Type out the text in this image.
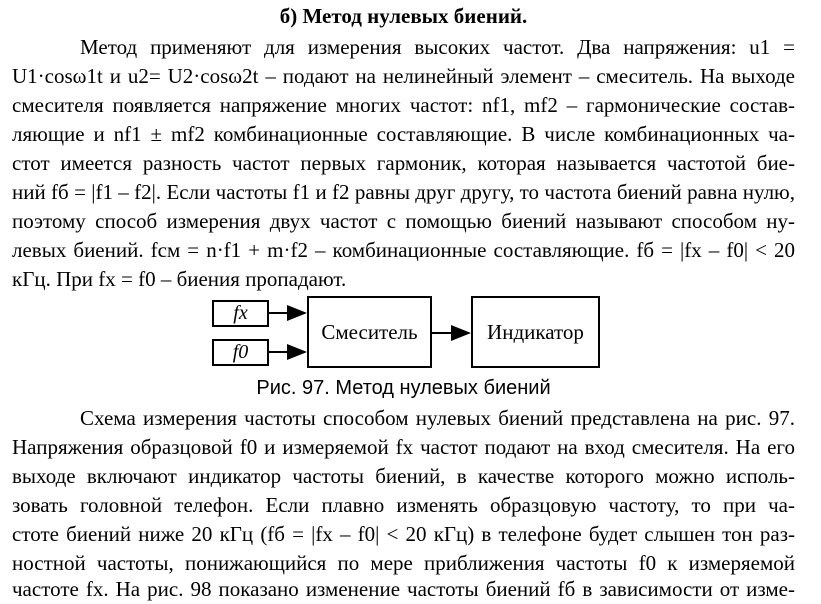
б) Метод нулевых биений.
Метод применяют для измерения высоких частот. Два напряжения: u1 =
U1·cosω1t и u2= U2·cosω2t – подают на нелинейный элемент – смеситель. На выходе
смесителя появляется напряжение многих частот: nf1, mf2 – гармонические состав-
ляющие и nf1 ± mf2 комбинационные составляющие. В числе комбинационных ча-
стот имеется разность частот первых гармоник, которая называется частотой бие-
ний fб = |f1 – f2|. Если частоты f1 и f2 равны друг другу, то частота биений равна нулю,
поэтому способ измерения двух частот с помощью биений называют способом ну-
левых биений. fсм = n·f1 + m·f2 – комбинационные составляющие. fб = |fx – f0| < 20
кГц. При fx = f0 – биения пропадают.
fx
f0
Смеситель	Индикатор
Рис. 97. Метод нулевых биений
Схема измерения частоты способом нулевых биений представлена на рис. 97.
Напряжения образцовой f0 и измеряемой fx частот подают на вход смесителя. На его
выходе включают индикатор частоты биений, в качестве которого можно исполь-
зовать головной телефон. Если плавно изменять образцовую частоту, то при ча-
стоте биений ниже 20 кГц (fб = |fx – f0| < 20 кГц) в телефоне будет слышен тон раз-
ностной частоты, понижающийся по мере приближения частоты f0 к измеряемой
частоте fx. На рис. 98 показано изменение частоты биений fб в зависимости от изме-
